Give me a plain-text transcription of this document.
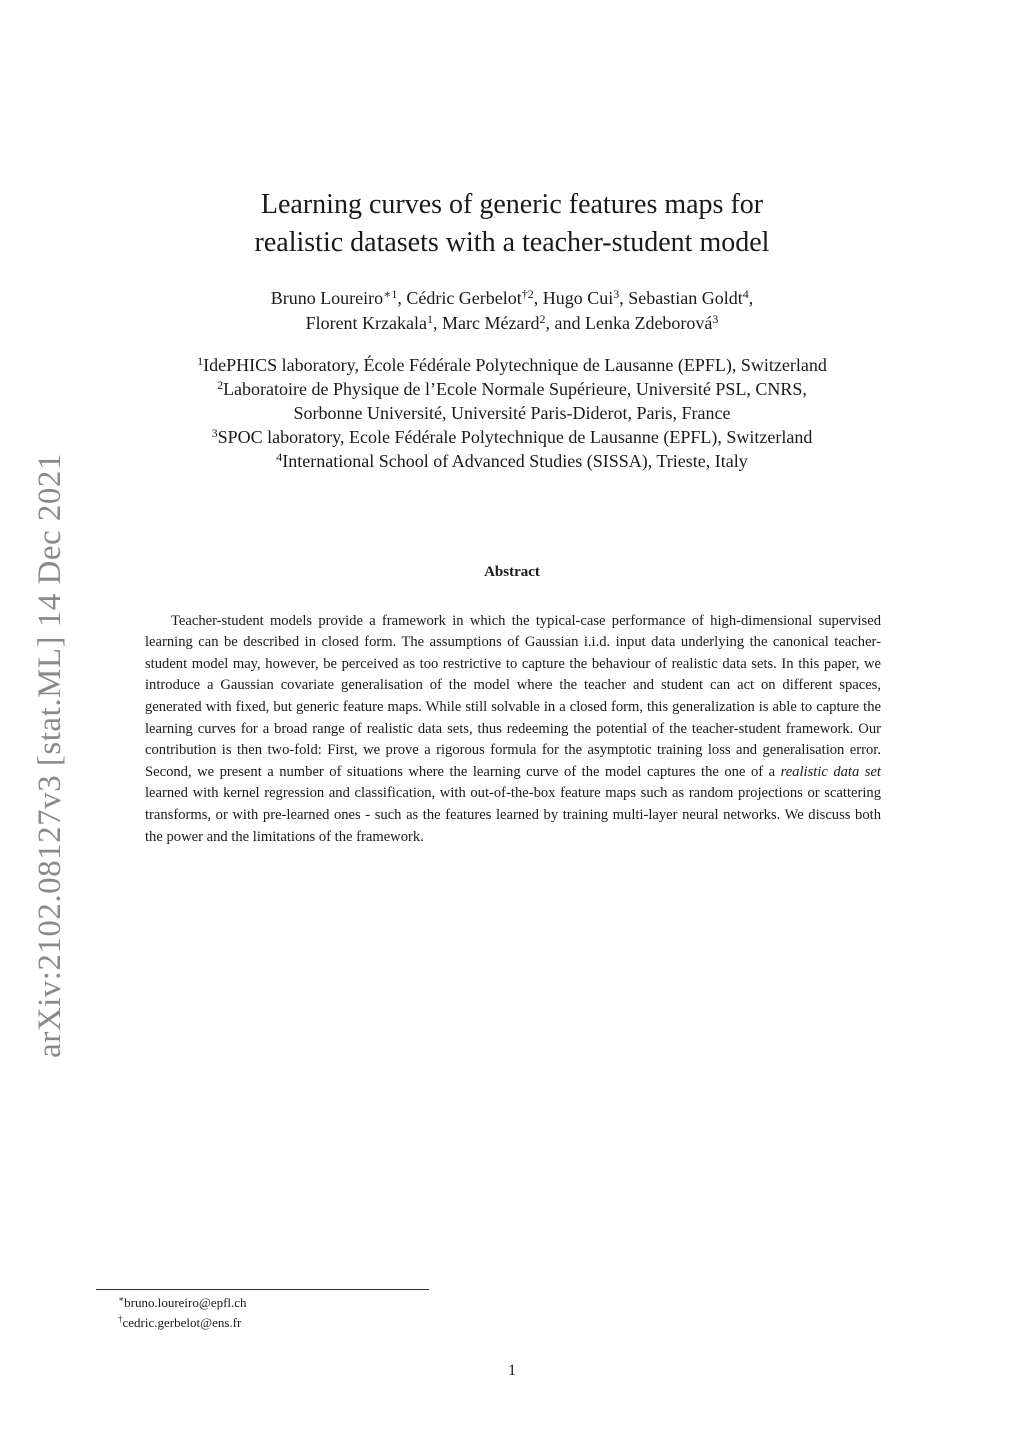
arXiv:2102.08127v3 [stat.ML] 14 Dec 2021
Learning curves of generic features maps for
realistic datasets with a teacher-student model
Bruno Loureiro$^{∗1}$, Cédric Gerbelot$^{\dagger 2}$, Hugo Cui$^3$, Sebastian Goldt$^4$,
Florent Krzakala$^1$, Marc Mézard$^2$, and Lenka Zdeborová$^3$
$^1$IdePHICS laboratory, École Fédérale Polytechnique de Lausanne (EPFL), Switzerland
$^2$Laboratoire de Physique de l’Ecole Normale Supérieure, Université PSL, CNRS,
Sorbonne Université, Université Paris-Diderot, Paris, France
$^3$SPOC laboratory, Ecole Fédérale Polytechnique de Lausanne (EPFL), Switzerland
$^4$International School of Advanced Studies (SISSA), Trieste, Italy
Abstract

Teacher-student models provide a framework in which the typical-case performance of high-dimensional supervised learning can be described in closed form. The assumptions of Gaussian i.i.d. input data underlying the canonical teacher-student model may, however, be perceived as too restrictive to capture the behaviour of realistic data sets. In this paper, we introduce a Gaussian covariate generalisation of the model where the teacher and student can act on different spaces, generated with fixed, but generic feature maps. While still solvable in a closed form, this generalization is able to capture the learning curves for a broad range of realistic data sets, thus redeeming the potential of the teacher-student framework. Our contribution is then two-fold: First, we prove a rigorous formula for the asymptotic training loss and generalisation error. Second, we present a number of situations where the learning curve of the model captures the one of a realistic data set learned with kernel regression and classification, with out-of-the-box feature maps such as random projections or scattering transforms, or with pre-learned ones - such as the features learned by training multi-layer neural networks. We discuss both the power and the limitations of the framework.

∗bruno.loureiro@epfl.ch
†cedric.gerbelot@ens.fr
1
